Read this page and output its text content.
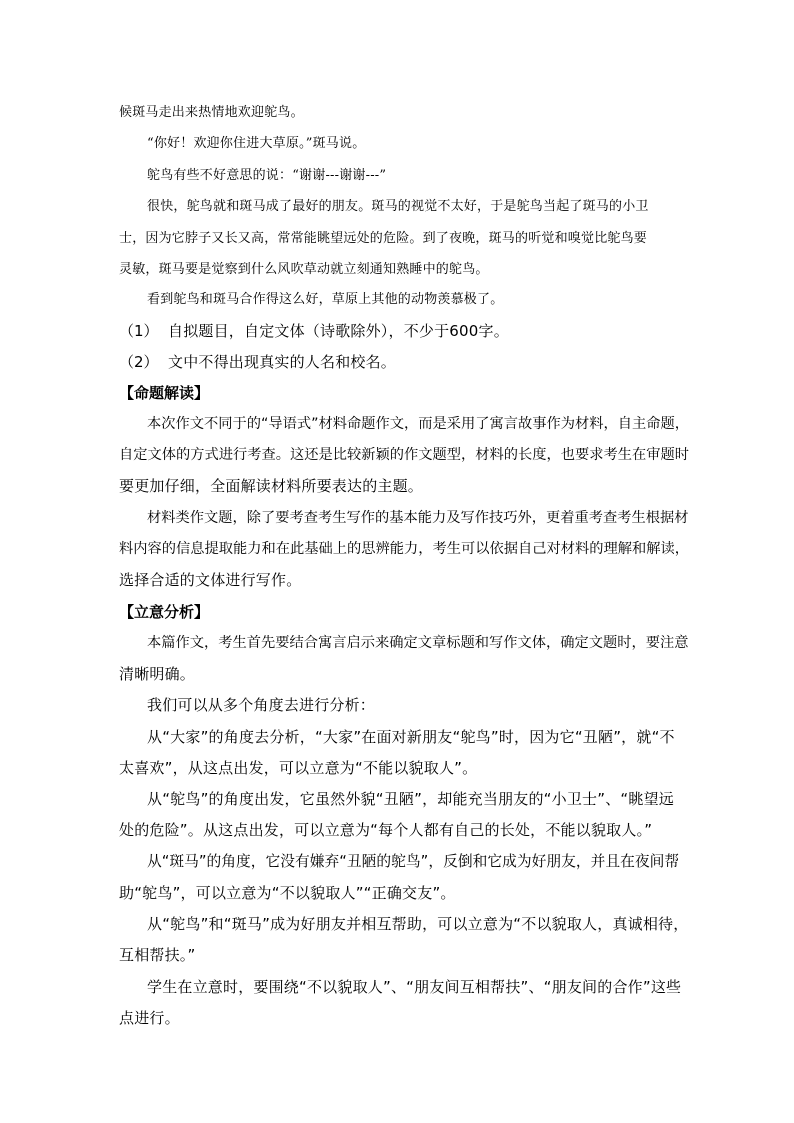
候斑马走出来热情地欢迎鸵鸟。
“你好！欢迎你住进大草原。”斑马说。
鸵鸟有些不好意思的说：“谢谢---谢谢---”
很快，鸵鸟就和斑马成了最好的朋友。斑马的视觉不太好，于是鸵鸟当起了斑马的小卫
士，因为它脖子又长又高，常常能眺望远处的危险。到了夜晚，斑马的听觉和嗅觉比鸵鸟要
灵敏，斑马要是觉察到什么风吹草动就立刻通知熟睡中的鸵鸟。
看到鸵鸟和斑马合作得这么好，草原上其他的动物羡慕极了。
（1） 自拟题目，自定文体（诗歌除外），不少于600字。
（2） 文中不得出现真实的人名和校名。
【命题解读】
本次作文不同于的“导语式”材料命题作文，而是采用了寓言故事作为材料，自主命题，
自定文体的方式进行考查。这还是比较新颖的作文题型，材料的长度，也要求考生在审题时
要更加仔细，全面解读材料所要表达的主题。
材料类作文题，除了要考查考生写作的基本能力及写作技巧外，更着重考查考生根据材
料内容的信息提取能力和在此基础上的思辨能力，考生可以依据自己对材料的理解和解读，
选择合适的文体进行写作。
【立意分析】
本篇作文，考生首先要结合寓言启示来确定文章标题和写作文体，确定文题时，要注意
清晰明确。
我们可以从多个角度去进行分析：
从“大家”的角度去分析，“大家”在面对新朋友“鸵鸟”时，因为它“丑陋”，就“不
太喜欢”，从这点出发，可以立意为“不能以貌取人”。
从“鸵鸟”的角度出发，它虽然外貌“丑陋”，却能充当朋友的“小卫士”、“眺望远
处的危险”。从这点出发，可以立意为“每个人都有自己的长处，不能以貌取人。”
从“斑马”的角度，它没有嫌弃“丑陋的鸵鸟”，反倒和它成为好朋友，并且在夜间帮
助“鸵鸟”，可以立意为“不以貌取人”“正确交友”。
从“鸵鸟”和“斑马”成为好朋友并相互帮助，可以立意为“不以貌取人，真诚相待，
互相帮扶。”
学生在立意时，要围绕“不以貌取人”、“朋友间互相帮扶”、“朋友间的合作”这些
点进行。
